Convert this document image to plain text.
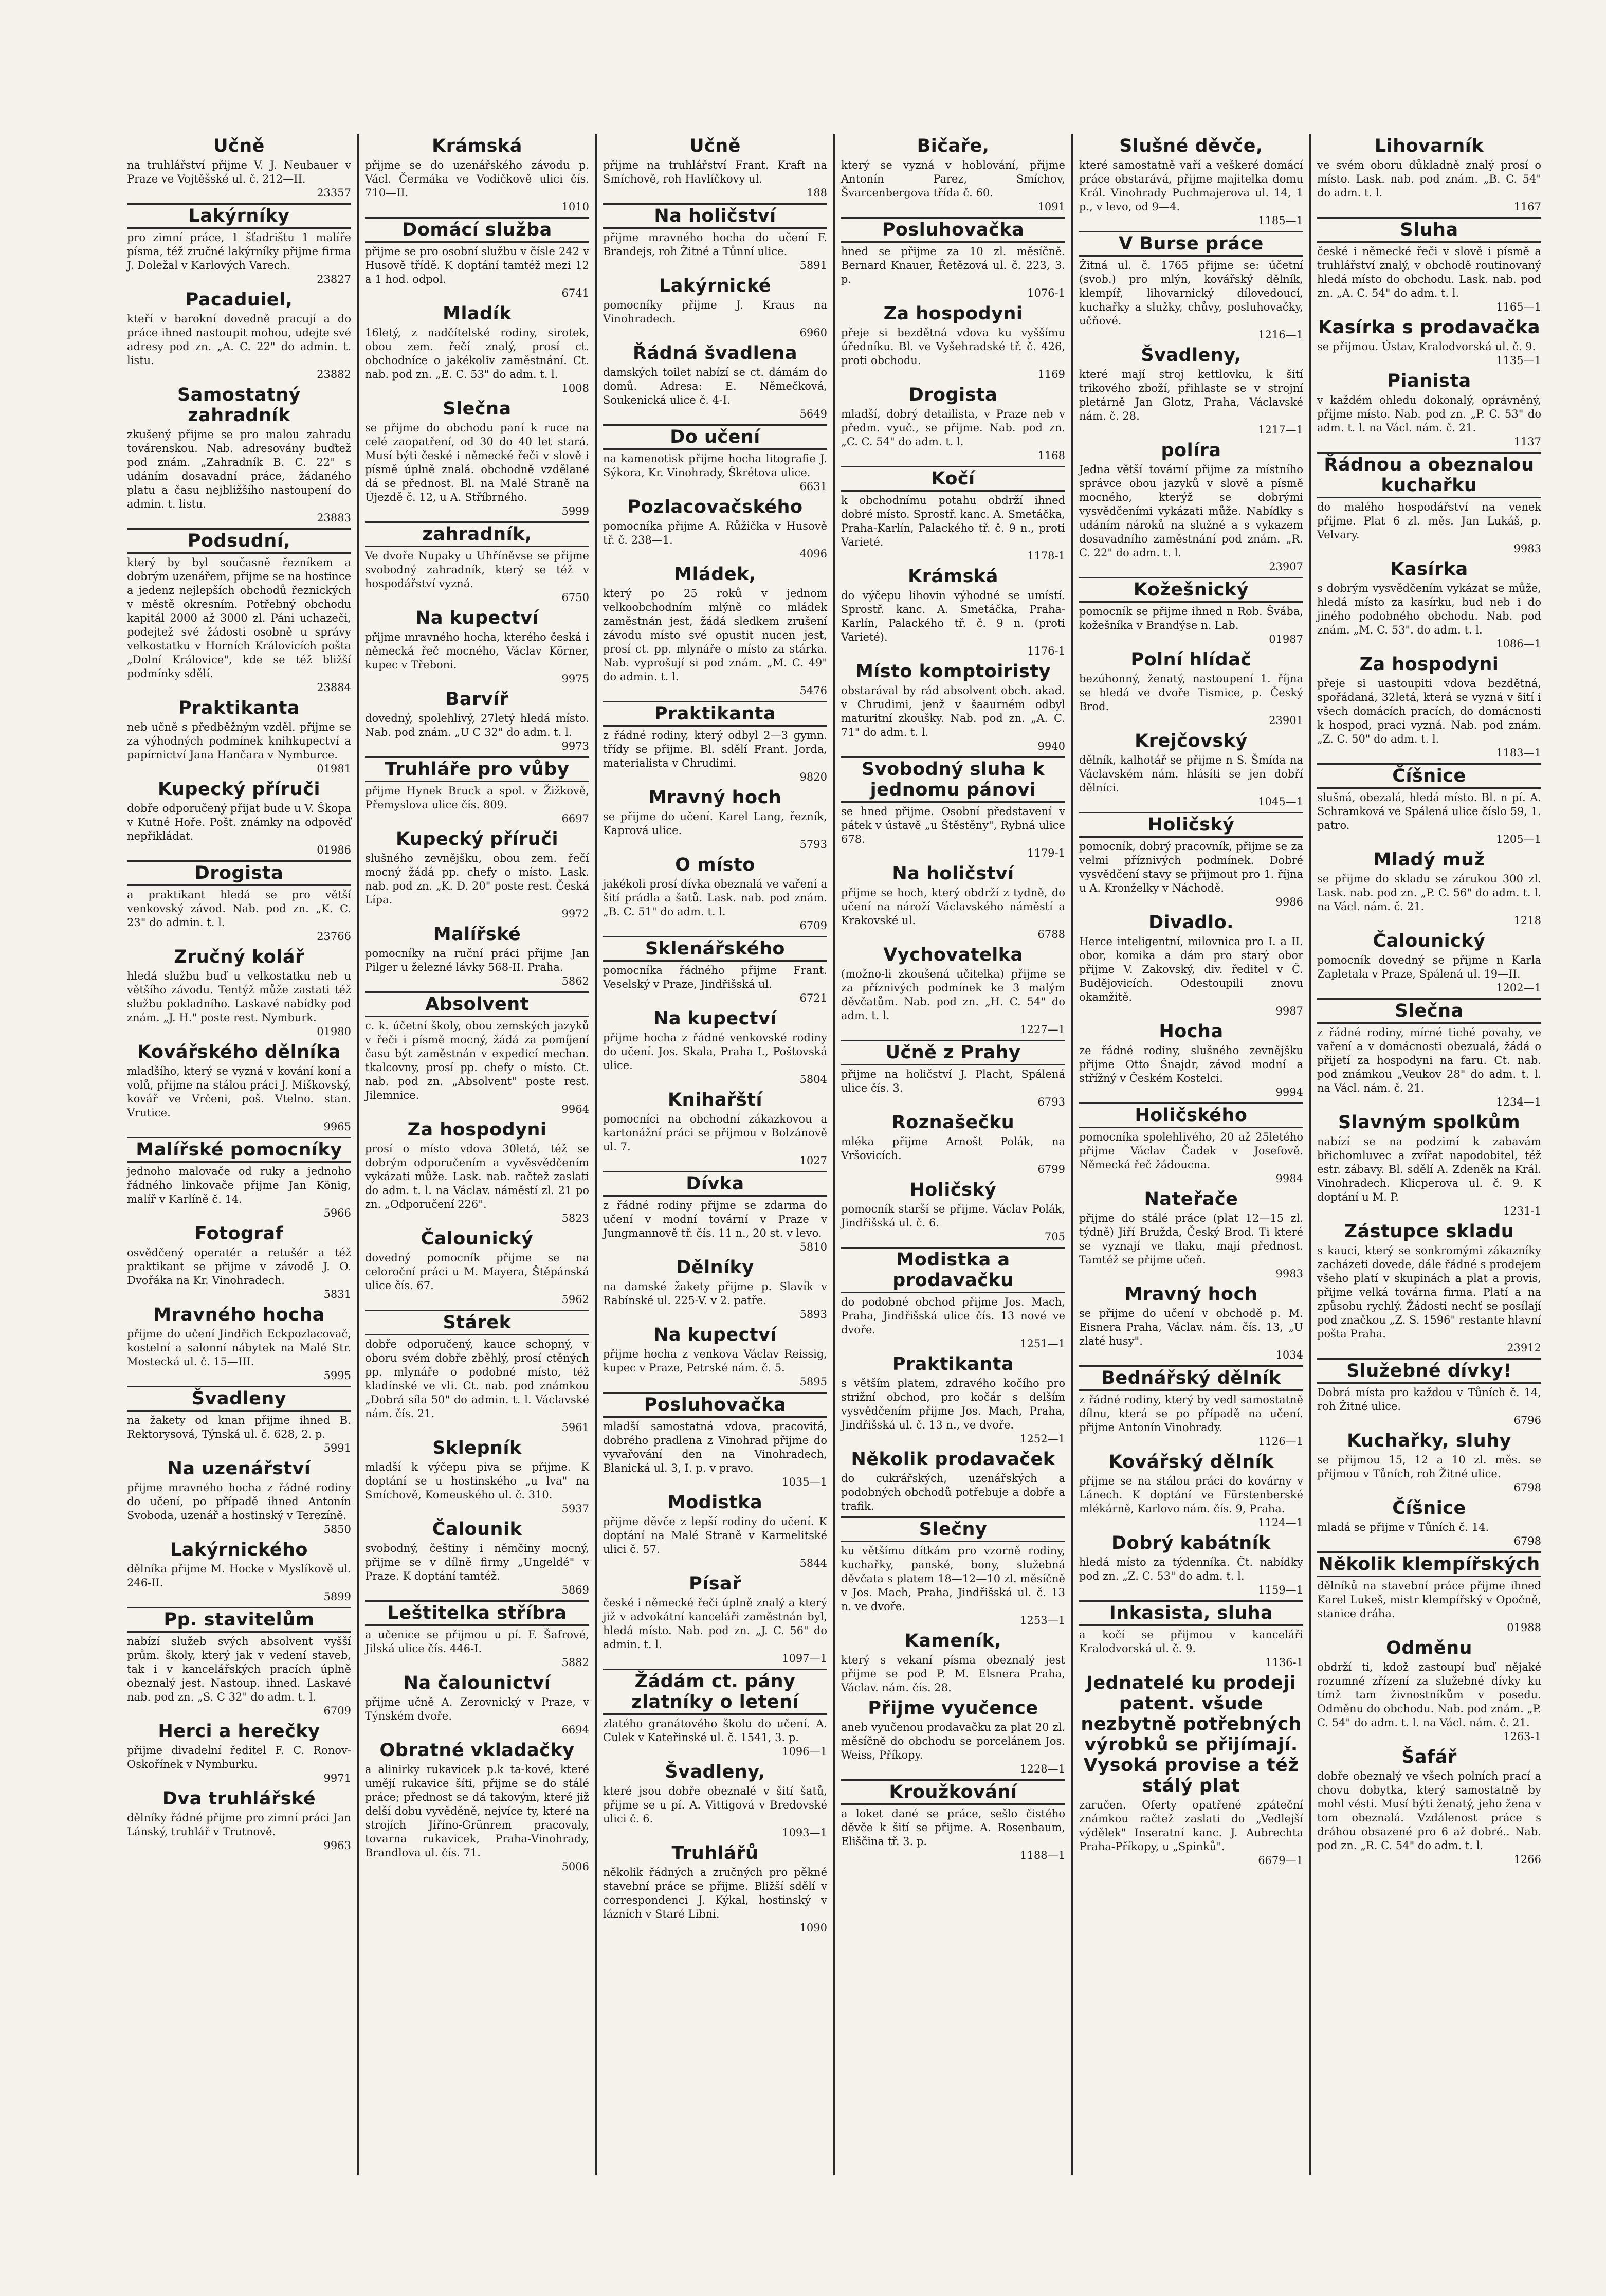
Učně

na truhlářství přijme V. J. Neubauer v Praze ve Vojtěšské ul. č. 212—II.
23357

Lakýrníky

pro zimní práce, 1 šťadrištu 1 malíře písma, též zručné lakýrníky přijme firma J. Doležal v Karlových Varech.
23827

Pacaduiel,

kteří v barokní dovedně pracují a do práce ihned nastoupit mohou, udejte své adresy pod zn. „A. C. 22" do admin. t. listu.
23882

Samostatný zahradník

zkušený přijme se pro malou zahradu továrenskou. Nab. adresovány buďtež pod znám. „Zahradník B. C. 22" s udáním dosavadní práce, žádaného platu a času nejbližšího nastoupení do admin. t. listu.
23883

Podsudní,

který by byl současně řezníkem a dobrým uzenářem, přijme se na hostince a jedenz nejlepších obchodů řeznických v městě okresním. Potřebný obchodu kapitál 2000 až 3000 zl. Páni uchazeči, podejtež své žádosti osobně u správy velkostatku v Horních Královicích pošta „Dolní Královice", kde se též bližší podmínky sdělí.
23884

Praktikanta

neb učně s předběžným vzděl. přijme se za výhodných podmínek knihkupectví a papírnictví Jana Hančara v Nymburce.
01981

Kupecký příruči

dobře odporučený přijat bude u V. Škopa v Kutné Hoře. Pošt. známky na odpověď nepřikládat.
01986

Drogista

a praktikant hledá se pro větší venkovský závod. Nab. pod zn. „K. C. 23" do admin. t. l.
23766

Zručný kolář

hledá službu buď u velkostatku neb u většího závodu. Tentýž může zastati též službu pokladního. Laskavé nabídky pod znám. „J. H." poste rest. Nymburk.
01980

Kovářského dělníka

mladšího, který se vyzná v kování koní a volů, přijme na stálou práci J. Miškovský, kovář ve Vrčeni, poš. Vtelno. stan. Vrutice.
9965

Malířské pomocníky

jednoho malovače od ruky a jednoho řádného linkovače přijme Jan König, malíř v Karlíně č. 14.
5966

Fotograf

osvědčený operatér a retušér a též praktikant se přijme v závodě J. O. Dvořáka na Kr. Vinohradech.
5831

Mravného hocha

přijme do učení Jindřich Eckpozlacovač, kostelní a salonní nábytek na Malé Str. Mostecká ul. č. 15—III.
5995

Švadleny

na žakety od knan přijme ihned B. Rektorysová, Týnská ul. č. 628, 2. p.
5991

Na uzenářství

přijme mravného hocha z řádné rodiny do učení, po případě ihned Antonín Svoboda, uzenář a hostinský v Terezíně.
5850

Lakýrnického

dělníka přijme M. Hocke v Myslíkově ul. 246-II.
5899

Pp. stavitelům

nabízí služeb svých absolvent vyšší prům. školy, který jak v vedení staveb, tak i v kancelářských pracích úplně obeznalý jest. Nastoup. ihned. Laskavé nab. pod zn. „S. C 32" do adm. t. l.
6709

Herci a herečky

přijme divadelní ředitel F. C. Ronov-Oskořínek v Nymburku.
9971

Dva truhlářské

dělníky řádné přijme pro zimní práci Jan Lánský, truhlář v Trutnově.
9963

Krámská

přijme se do uzenářského závodu p. Václ. Čermáka ve Vodičkově ulici čís. 710—II.
1010

Domácí služba

přijme se pro osobní službu v čísle 242 v Husově třídě. K doptání tamtéž mezi 12 a 1 hod. odpol.
6741

Mladík

16letý, z nadčítelské rodiny, sirotek, obou zem. řečí znalý, prosí ct. obchodníce o jakékoliv zaměstnání. Ct. nab. pod zn. „E. C. 53" do adm. t. l.
1008

Slečna

se přijme do obchodu paní k ruce na celé zaopatření, od 30 do 40 let stará. Musí býti české i německé řeči v slově i písmě úplně znalá. obchodně vzdělané dá se přednost. Bl. na Malé Straně na Újezdě č. 12, u A. Stříbrného.
5999

zahradník,

Ve dvoře Nupaky u Uhříněvse se přijme svobodný zahradník, který se též v hospodářství vyzná.
6750

Na kupectví

přijme mravného hocha, kterého česká i německá řeč mocného, Václav Körner, kupec v Třeboni.
9975

Barvíř

dovedný, spolehlivý, 27letý hledá místo. Nab. pod znám. „U C 32" do adm. t. l.
9973

Truhláře pro vůby

přijme Hynek Bruck a spol. v Žižkově, Přemyslova ulice čís. 809.
6697

Kupecký příruči

slušného zevnějšku, obou zem. řečí mocný žádá pp. chefy o místo. Lask. nab. pod zn. „K. D. 20" poste rest. Česká Lípa.
9972

Malířské

pomocníky na ruční práci přijme Jan Pilger u železné lávky 568-II. Praha.
5862

Absolvent

c. k. účetní školy, obou zemských jazyků v řeči i písmě mocný, žádá za pomíjení času být zaměstnán v expedicí mechan. tkalcovny, prosí pp. chefy o místo. Ct. nab. pod zn. „Absolvent" poste rest. Jilemnice.
9964

Za hospodyni

prosí o místo vdova 30letá, též se dobrým odporučením a vyvěsvědčením vykázati může. Lask. nab. račtež zaslati do adm. t. l. na Václav. náměstí zl. 21 po zn. „Odporučení 226".
5823

Čalounický

dovedný pomocník přijme se na celoroční práci u M. Mayera, Štěpánská ulice čís. 67.
5962

Stárek

dobře odporučený, kauce schopný, v oboru svém dobře zběhlý, prosí ctěných pp. mlynáře o podobné místo, též kladínské ve vli. Ct. nab. pod známkou „Dobrá síla 50" do admin. t. l. Václavské nám. čís. 21.
5961

Sklepník

mladší k výčepu piva se přijme. K doptání se u hostinského „u lva" na Smíchově, Komeuského ul. č. 310.
5937

Čalounik

svobodný, češtiny i němčiny mocný, přijme se v dílně firmy „Ungeldé" v Praze. K doptání tamtéž.
5869

Leštitelka stříbra

a učenice se přijmou u pí. F. Šafrové, Jilská ulice čís. 446-I.
5882

Na čalounictví

přijme učně A. Zerovnický v Praze, v Týnském dvoře.
6694

Obratné vkladačky

a alinirky rukavicek p.k ta-kové, které umějí rukavice šíti, přijme se do stálé práce; přednost se dá takovým, které již delší dobu vyvěděně, nejvíce ty, které na strojích Jiříno-Grünrem pracovaly, tovarna rukavicek, Prahа-Vinohrady, Brandlova ul. čís. 71.
5006

Učně

přijme na truhlářství Frant. Kraft na Smíchově, roh Havlíčkovy ul.
188

Na holičství

přijme mravného hocha do učení F. Brandejs, roh Žitné a Tůnní ulice.
5891

Lakýrnické

pomocníky přijme J. Kraus na Vinohradech.
6960

Řádná švadlena

damských toilet nabízí se ct. dámám do domů. Adresa: E. Němečková, Soukenická ulice č. 4-I.
5649

Do učení

na kamenotisk přijme hocha litografie J. Sýkora, Kr. Vinohrady, Škrétova ulice.
6631

Pozlacovačského

pomocníka přijme A. Růžička v Husově tř. č. 238—1.
4096

Mládek,

který po 25 roků v jednom velkoobchodním mlýně co mládek zaměstnán jest, žádá sledkem zrušení závodu místo své opustit nucen jest, prosí ct. pp. mlynáře o místo za stárka. Nab. vyprošují si pod znám. „M. C. 49" do admin. t. l.
5476

Praktikanta

z řádné rodiny, který odbyl 2—3 gymn. třídy se přijme. Bl. sdělí Frant. Jorda, materialista v Chrudimi.
9820

Mravný hoch

se přijme do učení. Karel Lang, řezník, Kaprová ulice.
5793

O místo

jakékoli prosí dívka obeznalá ve vaření a šití prádla a šatů. Lask. nab. pod znám. „B. C. 51" do adm. t. l.
6709

Sklenářského

pomocníka řádného přijme Frant. Veselský v Praze, Jindřišská ul.
6721

Na kupectví

přijme hocha z řádné venkovské rodiny do učení. Jos. Skala, Praha I., Poštovská ulice.
5804

Knihařští

pomocníci na obchodní zákazkovou a kartonážní práci se přijmou v Bolzánově ul. 7.
1027

Dívka

z řádné rodiny přijme se zdarma do učení v modní tovární v Praze v Jungmannově tř. čís. 11 n., 20 st. v levo.
5810

Dělníky

na damské žakety přijme p. Slavík v Rabínské ul. 225-V. v 2. patře.
5893

Na kupectví

přijme hocha z venkova Václav Reissig, kupec v Praze, Petrské nám. č. 5.
5895

Posluhovačka

mladší samostatná vdova, pracovitá, dobrého pradlena z Vinohrad přijme do vyvařování den na Vinohradech, Blanická ul. 3, I. p. v pravo.
1035—1

Modistka

přijme děvče z lepší rodiny do učení. K doptání na Malé Straně v Karmelitské ulici č. 57.
5844

Písař

české i německé řeči úplně znalý a který již v advokátní kanceláři zaměstnán byl, hledá místo. Nab. pod zn. „J. C. 56" do admin. t. l.
1097—1

Žádám ct. pány zlatníky o letení

zlatého granátového školu do učení. A. Culek v Kateřinské ul. č. 1541, 3. p.
1096—1

Švadleny,

které jsou dobře obeznalé v šití šatů, přijme se u pí. A. Vittigová v Bredovské ulici č. 6.
1093—1

Truhlářů

několik řádných a zručných pro pěkné stavební práce se přijme. Bližší sdělí v correspondenci J. Kýkal, hostinský v lázních v Staré Libni.
1090

Bičaře,

který se vyzná v hoblování, přijme Antonín Parez, Smíchov, Švarcenbergova třída č. 60.
1091

Posluhovačka

hned se přijme za 10 zl. měsíčně. Bernard Knauer, Řetězová ul. č. 223, 3. p.
1076-1

Za hospodyni

přeje si bezdětná vdova ku vyššímu úředníku. Bl. ve Vyšehradské tř. č. 426, proti obchodu.
1169

Drogista

mladší, dobrý detailista, v Praze neb v předm. vyuč., se přijme. Nab. pod zn. „C. C. 54" do adm. t. l.
1168

Kočí

k obchodnímu potahu obdrží ihned dobré místo. Sprostř. kanc. A. Smetáčka, Praha-Karlín, Palackého tř. č. 9 n., proti Varieté.
1178-1

Krámská

do výčepu lihovin výhodné se umístí. Sprostř. kanc. A. Smetáčka, Praha-Karlín, Palackého tř. č. 9 n. (proti Varieté).
1176-1

Místo komptoiristy

obstarával by rád absolvent obch. akad. v Chrudimi, jenž v šaaurném odbyl maturitní zkoušky. Nab. pod zn. „A. C. 71" do adm. t. l.
9940

Svobodný sluha k jednomu pánovi

se hned přijme. Osobní představení v pátek v ústavě „u Štěstěny", Rybná ulice 678.
1179-1

Na holičství

přijme se hoch, který obdrží z tydně, do učení na nároží Václavského náměstí a Krakovské ul.
6788

Vychovatelka

(možno-li zkoušená učitelka) přijme se za příznivých podmínek ke 3 malým děvčatům. Nab. pod zn. „H. C. 54" do adm. t. l.
1227—1

Učně z Prahy

přijme na holičství J. Placht, Spálená ulice čís. 3.
6793

Roznašečku

mléka přijme Arnošt Polák, na Vršovicích.
6799

Holičský

pomocník starší se přijme. Václav Polák, Jindřišská ul. č. 6.
705

Modistka a prodavačku

do podobné obchod přijme Jos. Mach, Praha, Jindřišská ulice čís. 13 nové ve dvoře.
1251—1

Praktikanta

s větším platem, zdravého kočího pro strižní obchod, pro kočár s delším vysvědčením přijme Jos. Mach, Praha, Jindřišská ul. č. 13 n., ve dvoře.
1252—1

Několik prodavaček

do cukrářských, uzenářských a podobných obchodů potřebuje a dobře a trafik.

Slečny

ku většímu dítkám pro vzorně rodiny, kuchařky, panské, bony, služebná děvčata s platem 18—12—10 zl. měsíčně v Jos. Mach, Praha, Jindřišská ul. č. 13 n. ve dvoře.
1253—1

Kameník,

který s vekaní písma obeznalý jest přijme se pod P. M. Elsnera Praha, Václav. nám. čís. 28.

Přijme vyučence

aneb vyučenou prodavačku za plat 20 zl. měsíčně do obchodu se porcelánem Jos. Weiss, Příkopy.
1228—1

Kroužkování

a loket dané se práce, sešlo čistého děvče k šití se přijme. A. Rosenbaum, Eliščina tř. 3. p.
1188—1

Slušné děvče,

které samostatně vaří a veškeré domácí práce obstarává, přijme majitelka domu Král. Vinohrady Puchmajerova ul. 14, 1 p., v levo, od 9—4.
1185—1

V Burse práce

Žitná ul. č. 1765 přijme se: účetní (svob.) pro mlýn, kovářský dělník, klempíř, lihovarnický dílovedoucí, kuchařky a služky, chůvy, posluhovačky, učňové.
1216—1

Švadleny,

které mají stroj kettlovku, k šití trikového zboží, přihlaste se v strojní pletárně Jan Glotz, Praha, Václavské nám. č. 28.
1217—1

políra

Jedna větší tovární přijme za místního správce obou jazyků v slově a písmě mocného, kterýž se dobrými vysvědčeními vykázati může. Nabídky s udáním nároků na služné a s vykazem dosavadního zaměstnání pod znám. „R. C. 22" do adm. t. l.
23907

Kožešnický

pomocník se přijme ihned n Rob. Švába, kožešníka v Brandýse n. Lab.
01987

Polní hlídač

bezúhonný, ženatý, nastoupení 1. října se hledá ve dvoře Tismice, p. Český Brod.
23901

Krejčovský

dělník, kalhotář se přijme n S. Šmída na Václavském nám. hlásíti se jen dobří dělníci.
1045—1

Holičský

pomocník, dobrý pracovník, přijme se za velmi příznivých podmínek. Dobré vysvědčení stavy se přijmout pro 1. října u A. Kronželky v Náchodě.
9986

Divadlo.

Herce inteligentní, milovnica pro I. a II. obor, komika a dám pro starý obor přijme V. Zakovský, div. ředitel v Č. Budějovicích. Odestoupili znovu okamžitě.
9987

Hocha

ze řádné rodiny, slušného zevnějšku přijme Otto Šnajdr, závod modní a střížný v Českém Kostelci.
9994

Holičského

pomocníka spolehlivého, 20 až 25letého přijme Václav Čadek v Josefově. Německá řeč žádoucna.
9984

Nateřače

přijme do stálé práce (plat 12—15 zl. týdně) Jiří Bružda, Český Brod. Ti které se vyznají ve tlaku, mají přednost. Tamtéž se přijme učeň.
9983

Mravný hoch

se přijme do učení v obchodě p. M. Eisnera Praha, Václav. nám. čís. 13, „U zlaté husy".
1034

Bednářský dělník

z řádné rodiny, který by vedl samostatně dílnu, která se po případě na učení. přijme Antonín Vinohrady.
1126—1

Kovářský dělník

přijme se na stálou práci do kovárny v Lánech. K doptání ve Fürstenberské mlékárně, Karlovo nám. čís. 9, Praha.
1124—1

Dobrý kabátník

hledá místo za týdenníka. Čt. nabídky pod zn. „Z. C. 53" do adm. t. l.
1159—1

Inkasista, sluha

a kočí se přijmou v kanceláři Kralodvorská ul. č. 9.
1136-1

Jednatelé ku prodeji patent. všude nezbytně potřebných výrobků se přijímají. Vysoká provise a též stálý plat

zaručen. Oferty opatřené zpáteční známkou račtež zaslati do „Vedlejší výdělek" Inseratní kanc. J. Aubrechta Praha-Příkopy, u „Spinků".
6679—1

Lihovarník

ve svém oboru důkladně znalý prosí o místo. Lask. nab. pod znám. „B. C. 54" do adm. t. l.
1167

Sluha

české i německé řeči v slově i písmě a truhlářství znalý, v obchodě routinovaný hledá místo do obchodu. Lask. nab. pod zn. „A. C. 54" do adm. t. l.
1165—1

Kasírka s prodavačka

se přijmou. Ústav, Kralodvorská ul. č. 9.
1135—1

Pianista

v každém ohledu dokonalý, oprávněný, přijme místo. Nab. pod zn. „P. C. 53" do adm. t. l. na Václ. nám. č. 21.
1137

Řádnou a obeznalou kuchařku

do malého hospodářství na venek přijme. Plat 6 zl. měs. Jan Lukáš, p. Velvary.
9983

Kasírka

s dobrým vysvědčením vykázat se může, hledá místo za kasírku, bud neb i do jiného podobného obchodu. Nab. pod znám. „M. C. 53". do adm. t. l.
1086—1

Za hospodyni

přeje si uastoupiti vdova bezdětná, spořádaná, 32letá, která se vyzná v šití i všech domácích pracích, do domácnosti k hospod, praci vyzná. Nab. pod znám. „Z. C. 50" do adm. t. l.
1183—1

Číšnice

slušná, obezalá, hledá místo. Bl. n pí. A. Schramková ve Spálená ulice číslo 59, 1. patro.
1205—1

Mladý muž

se přijme do skladu se zárukou 300 zl. Lask. nab. pod zn. „P. C. 56" do adm. t. l. na Václ. nám. č. 21.
1218

Čalounický

pomocník dovedný se přijme n Karla Zapletala v Praze, Spálená ul. 19—II.
1202—1

Slečna

z řádné rodiny, mírné tiché povahy, ve vaření a v domácnosti obezualá, žádá o přijetí za hospodyni na faru. Ct. nab. pod známkou „Veukov 28" do adm. t. l. na Václ. nám. č. 21.
1234—1

Slavným spolkům

nabízí se na podzimí k zabavám břichomluvec a zvířat napodobitel, též estr. zábavy. Bl. sdělí A. Zdeněk na Král. Vinohradech. Klicperova ul. č. 9. K doptání u M. P.
1231-1

Zástupce skladu

s kauci, který se sonkromými zákazníky zacházeti dovede, dále řádné s prodejem všeho platí v skupinách a plat a provis, přijme velká továrna firma. Platí a na způsobu rychlý. Žádosti nechť se posílají pod značkou „Z. S. 1596" restante hlavní pošta Praha.
23912

Služebné dívky!

Dobrá místa pro každou v Tůních č. 14, roh Žitné ulice.
6796

Kuchařky, sluhy

se přijmou 15, 12 a 10 zl. měs. se přijmou v Tůních, roh Žitné ulice.
6798

Číšnice

mladá se přijme v Tůních č. 14.
6798

Několik klempířských

dělníků na stavební práce přijme ihned Karel Lukeš, mistr klempířský v Opočně, stanice dráha.
01988

Odměnu

obdrží ti, kdož zastoupí buď nějaké rozumné zřízení za služebné dívky ku tímž tam živnostníkům v posedu. Odměnu do obchodu. Nab. pod znám. „P. C. 54" do adm. t. l. na Václ. nám. č. 21.
1263-1

Šafář

dobře obeznalý ve všech polních prací a chovu dobytka, který samostatně by mohl vésti. Musí býti ženatý, jeho žena v tom obeznalá. Vzdálenost práce s dráhou obsazené pro 6 až dobré.. Nab. pod zn. „R. C. 54" do adm. t. l.
1266
